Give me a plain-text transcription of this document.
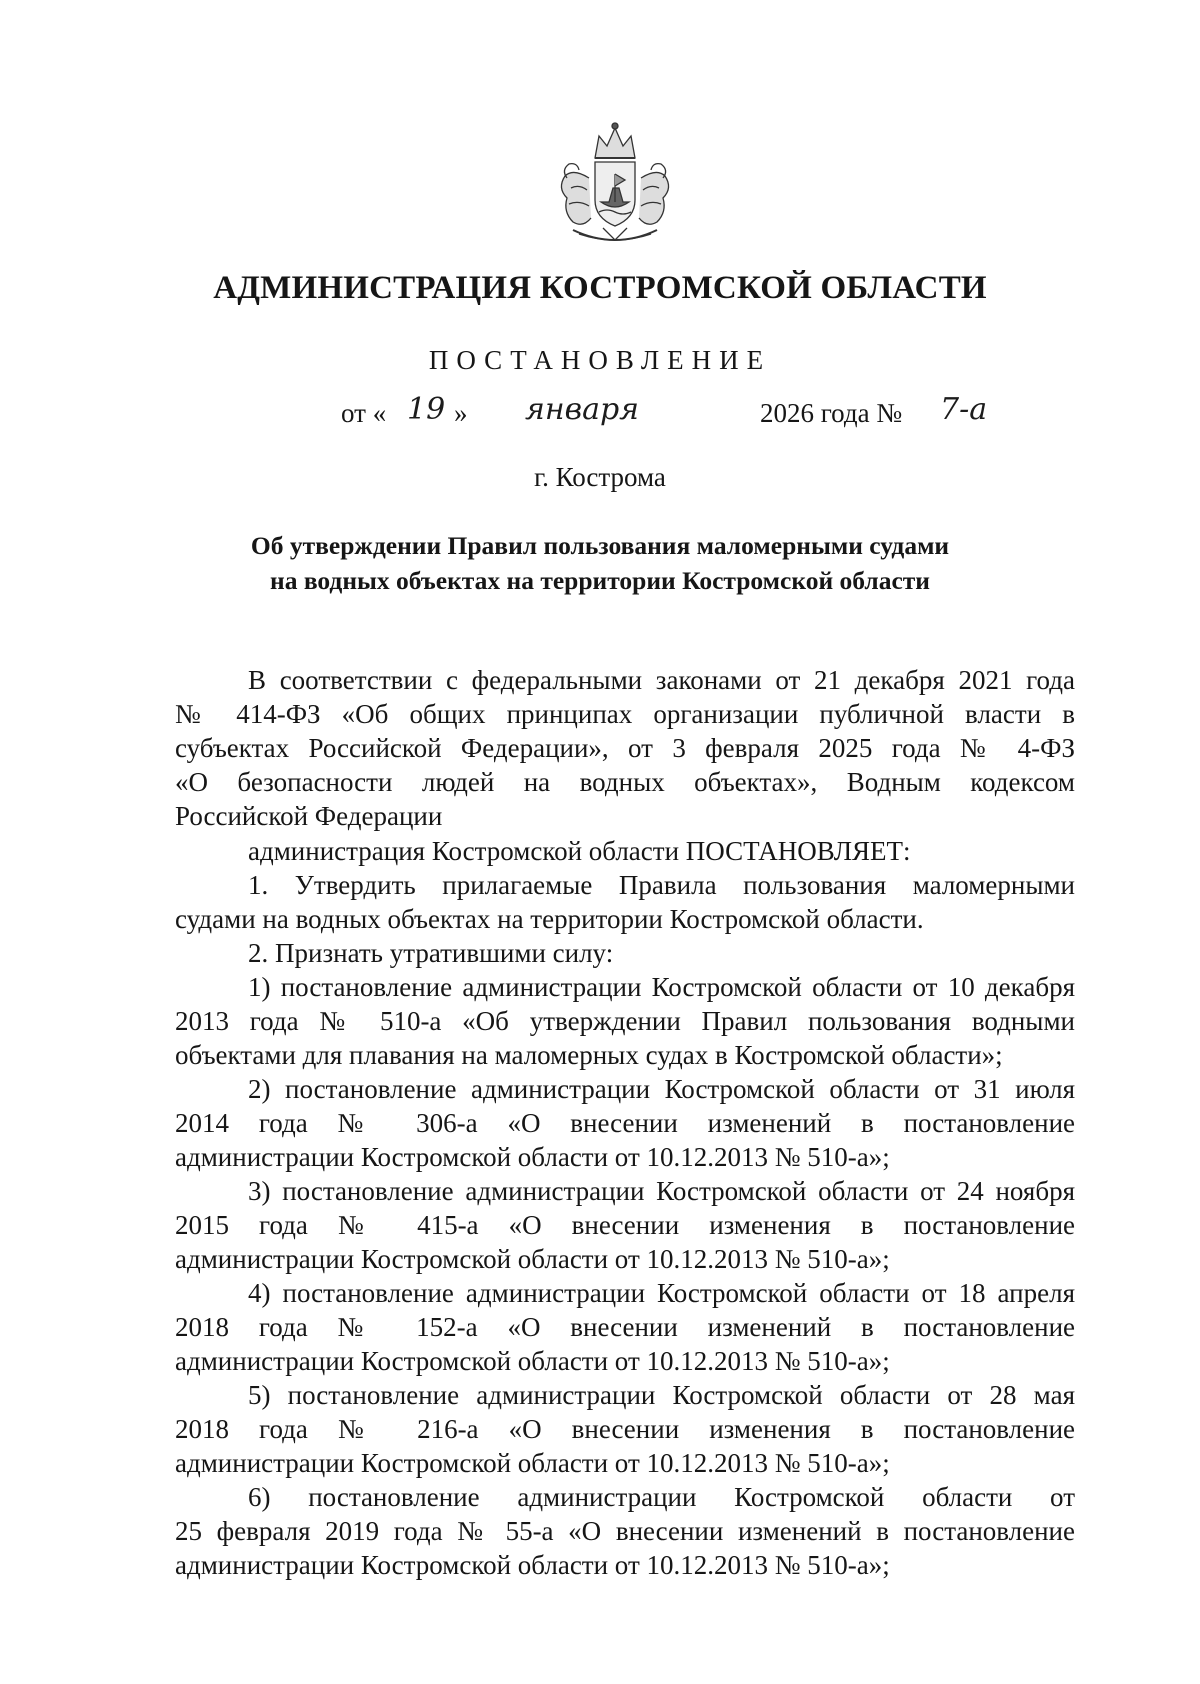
АДМИНИСТРАЦИЯ КОСТРОМСКОЙ ОБЛАСТИ
ПОСТАНОВЛЕНИЕ
от « 19 » января	2026 года № 7-а
г. Кострома
Об утверждении Правил пользования маломерными судами
на водных объектах на территории Костромской области

В соответствии с федеральными законами от 21 декабря 2021 года

№ 414-ФЗ «Об общих принципах организации публичной власти в

субъектах Российской Федерации», от 3 февраля 2025 года № 4-ФЗ

«О безопасности людей на водных объектах», Водным кодексом

Российской Федерации

администрация Костромской области ПОСТАНОВЛЯЕТ:

1. Утвердить прилагаемые Правила пользования маломерными

судами на водных объектах на территории Костромской области.

2. Признать утратившими силу:

1) постановление администрации Костромской области от 10 декабря

2013 года № 510-а «Об утверждении Правил пользования водными

объектами для плавания на маломерных судах в Костромской области»;

2) постановление администрации Костромской области от 31 июля

2014 года № 306-а «О внесении изменений в постановление

администрации Костромской области от 10.12.2013 № 510-а»;

3) постановление администрации Костромской области от 24 ноября

2015 года № 415-а «О внесении изменения в постановление

администрации Костромской области от 10.12.2013 № 510-а»;

4) постановление администрации Костромской области от 18 апреля

2018 года № 152-а «О внесении изменений в постановление

администрации Костромской области от 10.12.2013 № 510-а»;

5) постановление администрации Костромской области от 28 мая

2018 года № 216-а «О внесении изменения в постановление

администрации Костромской области от 10.12.2013 № 510-а»;

6) постановление администрации Костромской области от

25 февраля 2019 года № 55-а «О внесении изменений в постановление

администрации Костромской области от 10.12.2013 № 510-а»;
